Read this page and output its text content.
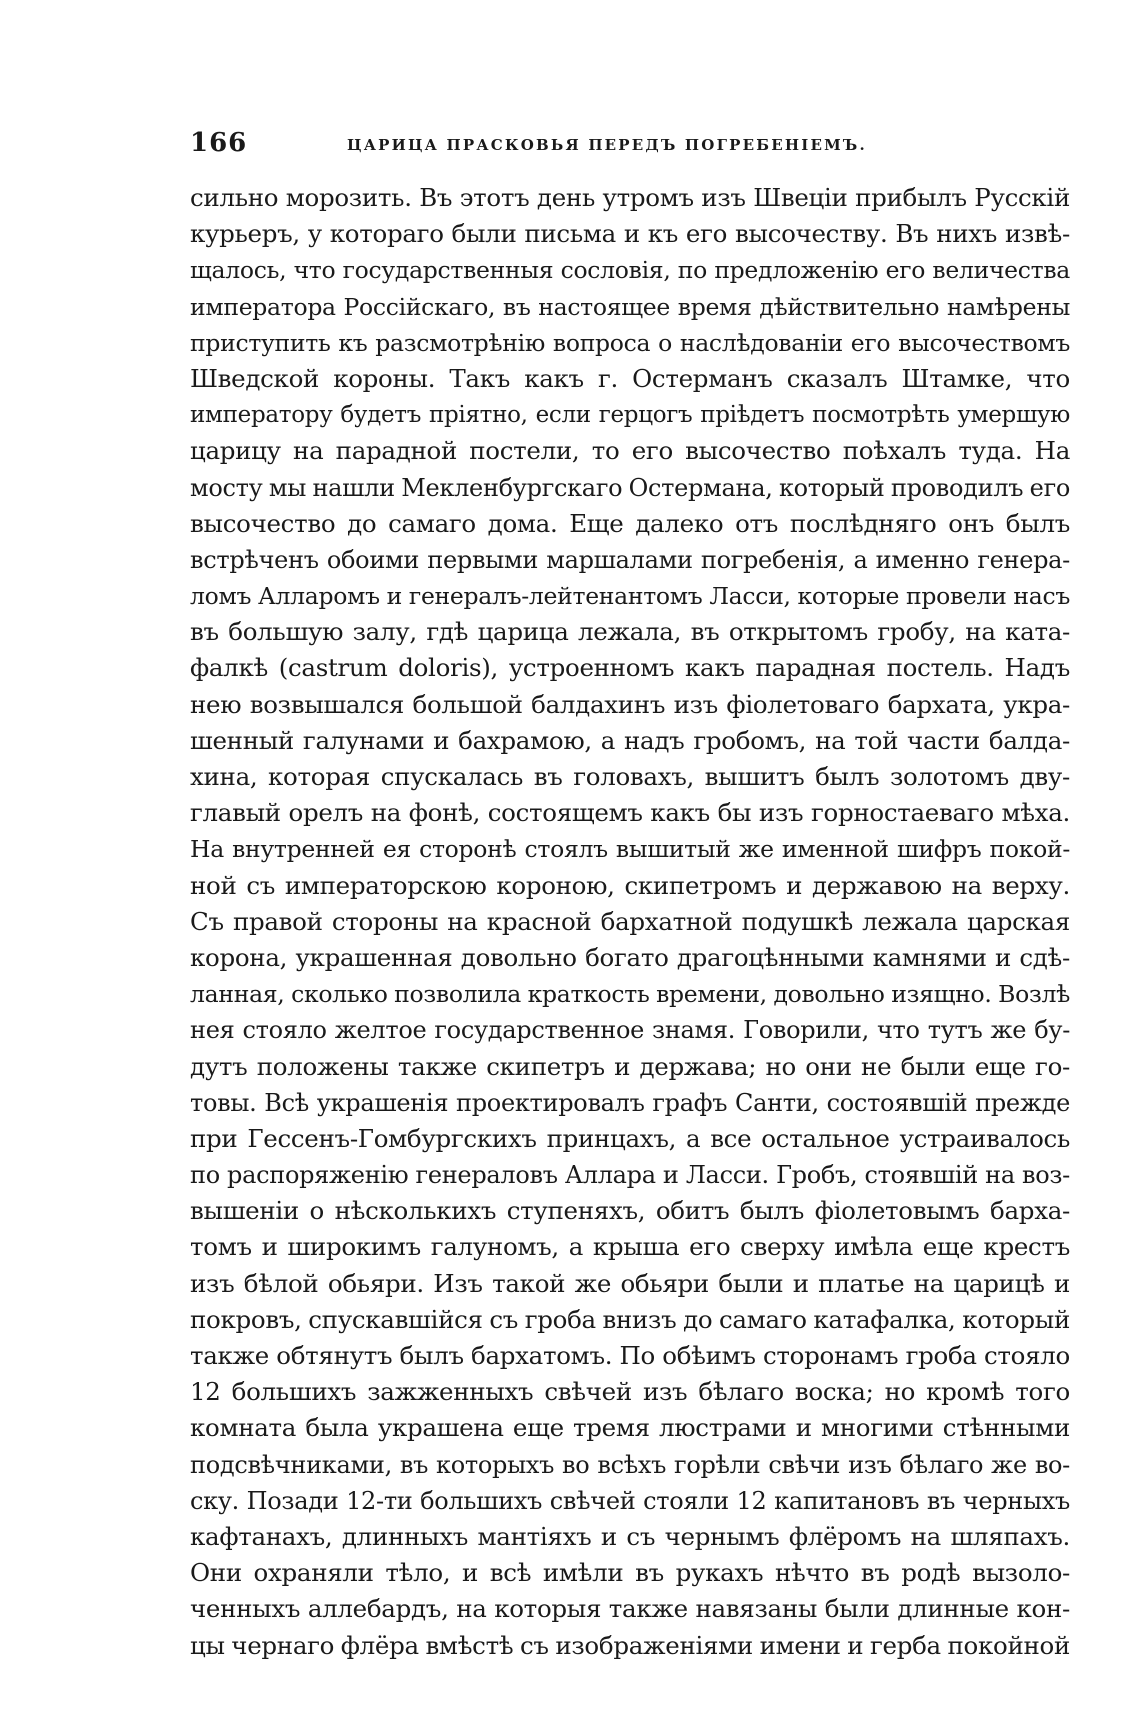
166	ЦАРИЦА ПРАСКОВЬЯ ПЕРЕДЪ ПОГРЕБЕНІЕМЪ.
сильно морозить. Въ этотъ день утромъ изъ Швеціи прибылъ Русскій
курьеръ, у котораго были письма и къ его высочеству. Въ нихъ извѣ-
щалось, что государственныя сословія, по предложенію его величества
императора Россійскаго, въ настоящее время дѣйствительно намѣрены
приступить къ разсмотрѣнію вопроса о наслѣдованіи его высочествомъ
Шведской короны. Такъ какъ г. Остерманъ сказалъ Штамке, что
императору будетъ пріятно, если герцогъ пріѣдетъ посмотрѣть умершую
царицу на парадной постели, то его высочество поѣхалъ туда. На
мосту мы нашли Мекленбургскаго Остермана, который проводилъ его
высочество до самаго дома. Еще далеко отъ послѣдняго онъ былъ
встрѣченъ обоими первыми маршалами погребенія, а именно генера-
ломъ Алларомъ и генералъ-лейтенантомъ Ласси, которые провели насъ
въ большую залу, гдѣ царица лежала, въ открытомъ гробу, на ката-
фалкѣ (castrum doloris), устроенномъ какъ парадная постель. Надъ
нею возвышался большой балдахинъ изъ фіолетоваго бархата, укра-
шенный галунами и бахрамою, а надъ гробомъ, на той части балда-
хина, которая спускалась въ головахъ, вышитъ былъ золотомъ дву-
главый орелъ на фонѣ, состоящемъ какъ бы изъ горностаеваго мѣха.
На внутренней ея сторонѣ стоялъ вышитый же именной шифръ покой-
ной съ императорскою короною, скипетромъ и державою на верху.
Съ правой стороны на красной бархатной подушкѣ лежала царская
корона, украшенная довольно богато драгоцѣнными камнями и сдѣ-
ланная, сколько позволила краткость времени, довольно изящно. Возлѣ
нея стояло желтое государственное знамя. Говорили, что тутъ же бу-
дутъ положены также скипетръ и держава; но они не были еще го-
товы. Всѣ украшенія проектировалъ графъ Санти, состоявшій прежде
при Гессенъ-Гомбургскихъ принцахъ, а все остальное устраивалось
по распоряженію генераловъ Аллара и Ласси. Гробъ, стоявшій на воз-
вышеніи о нѣсколькихъ ступеняхъ, обитъ былъ фіолетовымъ барха-
томъ и широкимъ галуномъ, а крыша его сверху имѣла еще крестъ
изъ бѣлой обьяри. Изъ такой же обьяри были и платье на царицѣ и
покровъ, спускавшійся съ гроба внизъ до самаго катафалка, который
также обтянутъ былъ бархатомъ. По обѣимъ сторонамъ гроба стояло
12 большихъ зажженныхъ свѣчей изъ бѣлаго воска; но кромѣ того
комната была украшена еще тремя люстрами и многими стѣнными
подсвѣчниками, въ которыхъ во всѣхъ горѣли свѣчи изъ бѣлаго же во-
ску. Позади 12-ти большихъ свѣчей стояли 12 капитановъ въ черныхъ
кафтанахъ, длинныхъ мантіяхъ и съ чернымъ флёромъ на шляпахъ.
Они охраняли тѣло, и всѣ имѣли въ рукахъ нѣчто въ родѣ вызоло-
ченныхъ аллебардъ, на которыя также навязаны были длинные кон-
цы чернаго флёра вмѣстѣ съ изображеніями имени и герба покойной
